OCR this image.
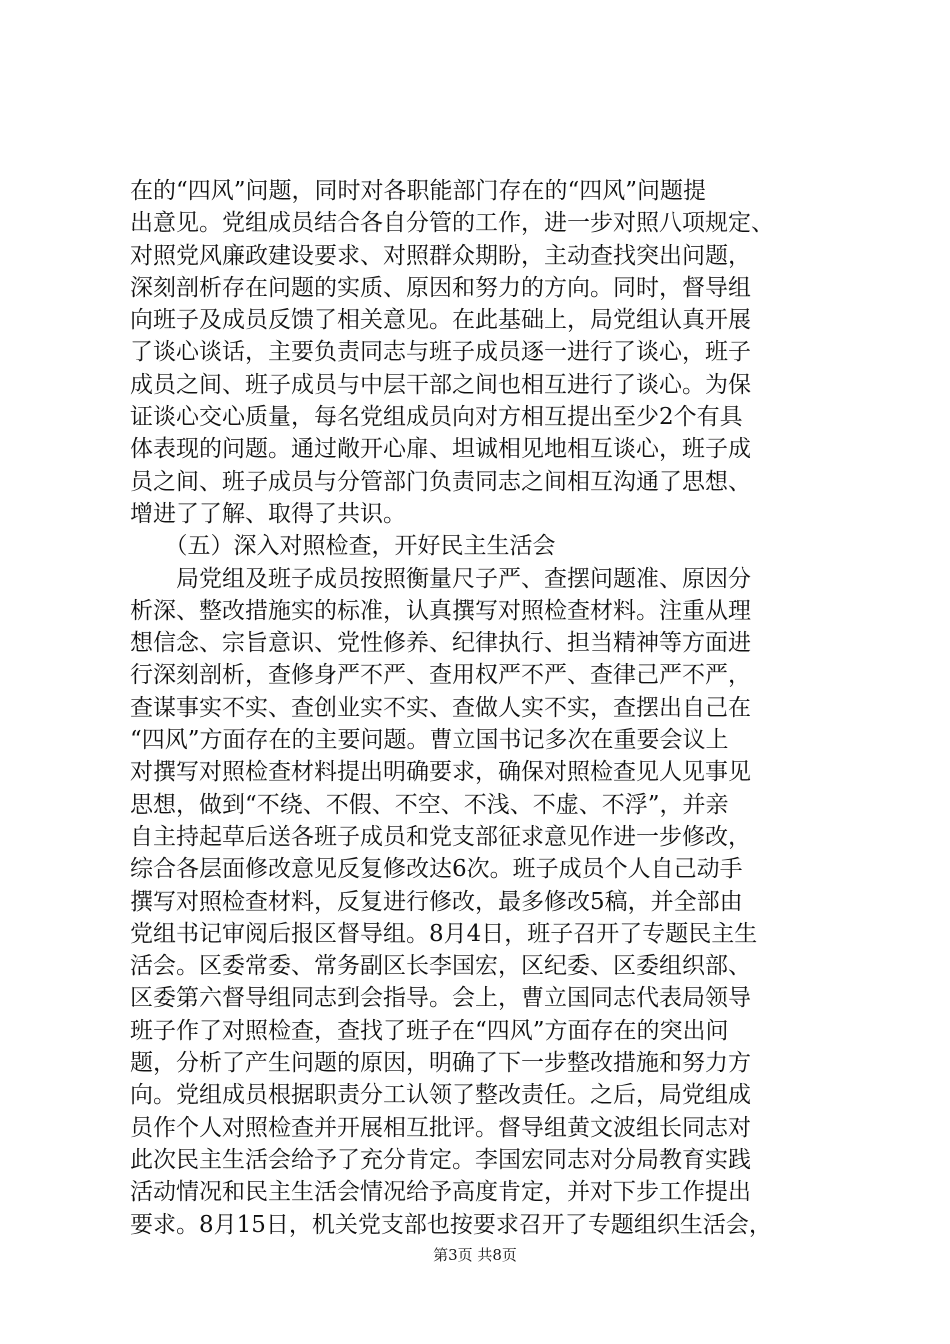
在的“四风”问题，同时对各职能部门存在的“四风”问题提
出意见。党组成员结合各自分管的工作，进一步对照八项规定、
对照党风廉政建设要求、对照群众期盼，主动查找突出问题，
深刻剖析存在问题的实质、原因和努力的方向。同时，督导组
向班子及成员反馈了相关意见。在此基础上，局党组认真开展
了谈心谈话，主要负责同志与班子成员逐一进行了谈心，班子
成员之间、班子成员与中层干部之间也相互进行了谈心。为保
证谈心交心质量，每名党组成员向对方相互提出至少2个有具
体表现的问题。通过敞开心扉、坦诚相见地相互谈心，班子成
员之间、班子成员与分管部门负责同志之间相互沟通了思想、
增进了了解、取得了共识。
　　（五）深入对照检查，开好民主生活会
　　局党组及班子成员按照衡量尺子严、查摆问题准、原因分
析深、整改措施实的标准，认真撰写对照检查材料。注重从理
想信念、宗旨意识、党性修养、纪律执行、担当精神等方面进
行深刻剖析，查修身严不严、查用权严不严、查律己严不严，
查谋事实不实、查创业实不实、查做人实不实，查摆出自己在
“四风”方面存在的主要问题。曹立国书记多次在重要会议上
对撰写对照检查材料提出明确要求，确保对照检查见人见事见
思想，做到“不绕、不假、不空、不浅、不虚、不浮”，并亲
自主持起草后送各班子成员和党支部征求意见作进一步修改，
综合各层面修改意见反复修改达6次。班子成员个人自己动手
撰写对照检查材料，反复进行修改，最多修改5稿，并全部由
党组书记审阅后报区督导组。8月4日，班子召开了专题民主生
活会。区委常委、常务副区长李国宏，区纪委、区委组织部、
区委第六督导组同志到会指导。会上，曹立国同志代表局领导
班子作了对照检查，查找了班子在“四风”方面存在的突出问
题，分析了产生问题的原因，明确了下一步整改措施和努力方
向。党组成员根据职责分工认领了整改责任。之后，局党组成
员作个人对照检查并开展相互批评。督导组黄文波组长同志对
此次民主生活会给予了充分肯定。李国宏同志对分局教育实践
活动情况和民主生活会情况给予高度肯定，并对下步工作提出
要求。8月15日，机关党支部也按要求召开了专题组织生活会，
第3页 共8页
